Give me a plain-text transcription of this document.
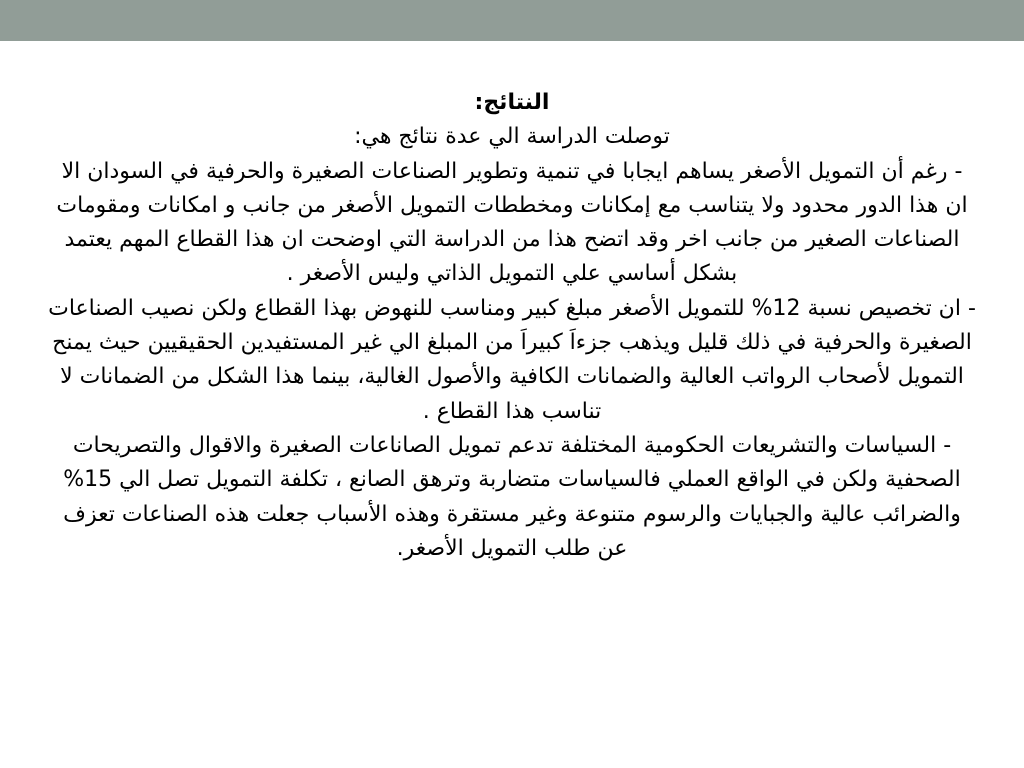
النتائج:

توصلت الدراسة الي عدة نتائج هي:

- رغم أن التمويل الأصغر يساهم ايجابا في تنمية وتطوير الصناعات الصغيرة والحرفية في السودان الا ان هذا الدور محدود ولا يتناسب مع إمكانات ومخططات التمويل الأصغر من جانب و امكانات ومقومات الصناعات الصغير من جانب اخر وقد اتضح هذا من الدراسة التي اوضحت ان هذا القطاع المهم يعتمد بشكل أساسي علي التمويل الذاتي وليس الأصغر .

- ان تخصيص نسبة 12% للتمويل الأصغر مبلغ كبير ومناسب للنهوض بهذا القطاع ولكن نصيب الصناعات الصغيرة والحرفية في ذلك قليل ويذهب جزءاَ كبيراَ من المبلغ الي غير المستفيدين الحقيقيين حيث يمنح التمويل لأصحاب الرواتب العالية والضمانات الكافية والأصول الغالية، بينما هذا الشكل من الضمانات لا تناسب هذا القطاع .

- السياسات والتشريعات الحكومية المختلفة تدعم تمويل الصاناعات الصغيرة والاقوال والتصريحات الصحفية ولكن في الواقع العملي فالسياسات متضاربة وترهق الصانع ، تكلفة التمويل تصل الي 15% والضرائب عالية والجبايات والرسوم متنوعة وغير مستقرة وهذه الأسباب جعلت هذه الصناعات تعزف عن طلب التمويل الأصغر.
